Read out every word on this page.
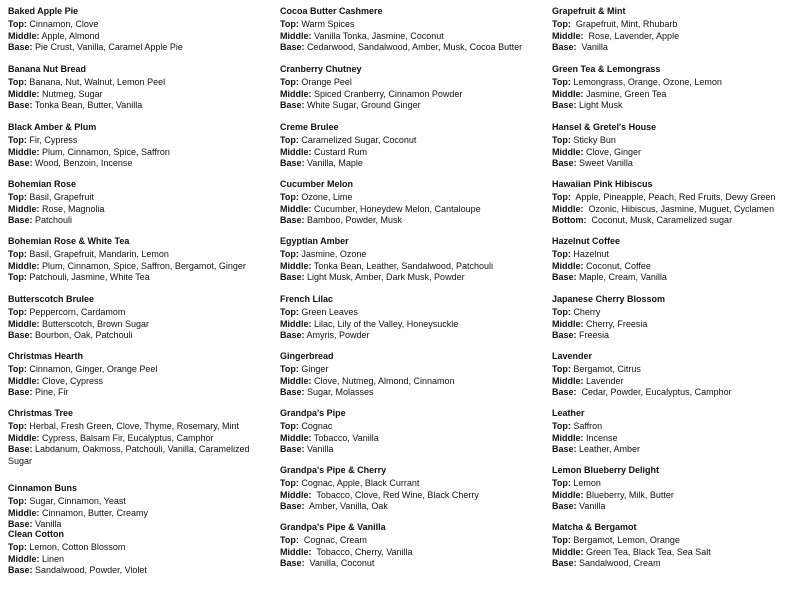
Baked Apple Pie
Top: Cinnamon, Clove
Middle: Apple, Almond
Base: Pie Crust, Vanilla, Caramel Apple Pie
Banana Nut Bread
Top: Banana, Nut, Walnut, Lemon Peel
Middle: Nutmeg, Sugar
Base: Tonka Bean, Butter, Vanilla
Black Amber & Plum
Top: Fir, Cypress
Middle: Plum, Cinnamon, Spice, Saffron
Base: Wood, Benzoin, Incense
Bohemian Rose
Top: Basil, Grapefruit
Middle: Rose, Magnolia
Base: Patchouli
Bohemian Rose & White Tea
Top: Basil, Grapefruit, Mandarin, Lemon
Middle: Plum, Cinnamon, Spice, Saffron, Bergamot, Ginger
Top: Patchouli, Jasmine, White Tea
Butterscotch Brulee
Top: Peppercorn, Cardamom
Middle: Butterscotch, Brown Sugar
Base: Bourbon, Oak, Patchouli
Christmas Hearth
Top: Cinnamon, Ginger, Orange Peel
Middle: Clove, Cypress
Base: Pine, Fir
Christmas Tree
Top: Herbal, Fresh Green, Clove, Thyme, Rosemary, Mint
Middle: Cypress, Balsam Fir, Eucalyptus, Camphor
Base: Labdanum, Oakmoss, Patchouli, Vanilla, Caramelized Sugar
Cinnamon Buns
Top: Sugar, Cinnamon, Yeast
Middle: Cinnamon, Butter, Creamy
Base: Vanilla
Clean Cotton
Top: Lemon, Cotton Blossom
Middle: Linen
Base: Sandalwood, Powder, Violet
Cocoa Butter Cashmere
Top: Warm Spices
Middle: Vanilla Tonka, Jasmine, Coconut
Base: Cedarwood, Sandalwood, Amber, Musk, Cocoa Butter
Cranberry Chutney
Top: Orange Peel
Middle: Spiced Cranberry, Cinnamon Powder
Base: White Sugar, Ground Ginger
Creme Brulee
Top: Caramelized Sugar, Coconut
Middle: Custard Rum
Base: Vanilla, Maple
Cucumber Melon
Top: Ozone, Lime
Middle: Cucumber, Honeydew Melon, Cantaloupe
Base: Bamboo, Powder, Musk
Egyptian Amber
Top: Jasmine, Ozone
Middle: Tonka Bean, Leather, Sandalwood, Patchouli
Base: Light Musk, Amber, Dark Musk, Powder
French Lilac
Top: Green Leaves
Middle: Lilac, Lily of the Valley, Honeysuckle
Base: Amyris, Powder
Gingerbread
Top: Ginger
Middle: Clove, Nutmeg, Almond, Cinnamon
Base: Sugar, Molasses
Grandpa's Pipe
Top: Cognac
Middle: Tobacco, Vanilla
Base: Vanilla
Grandpa's Pipe & Cherry
Top: Cognac, Apple, Black Currant
Middle:  Tobacco, Clove, Red Wine, Black Cherry
Base:  Amber, Vanilla, Oak
Grandpa's Pipe & Vanilla
Top:  Cognac, Cream
Middle:  Tobacco, Cherry, Vanilla
Base:  Vanilla, Coconut
Grapefruit & Mint
Top:  Grapefruit, Mint, Rhubarb
Middle:  Rose, Lavender, Apple
Base:  Vanilla
Green Tea & Lemongrass
Top: Lemongrass, Orange, Ozone, Lemon
Middle: Jasmine, Green Tea
Base: Light Musk
Hansel & Gretel's House
Top: Sticky Bun
Middle: Clove, Ginger
Base: Sweet Vanilla
Hawaiian Pink Hibiscus
Top:  Apple, Pineapple, Peach, Red Fruits, Dewy Green
Middle:  Ozonic, Hibiscus, Jasmine, Muguet, Cyclamen
Bottom:  Coconut, Musk, Caramelized sugar
Hazelnut Coffee
Top: Hazelnut
Middle: Coconut, Coffee
Base: Maple, Cream, Vanilla
Japanese Cherry Blossom
Top: Cherry
Middle: Cherry, Freesia
Base: Freesia
Lavender
Top: Bergamot, Citrus
Middle: Lavender
Base:  Cedar, Powder, Eucalyptus, Camphor
Leather
Top: Saffron
Middle: Incense
Base: Leather, Amber
Lemon Blueberry Delight
Top: Lemon
Middle: Blueberry, Milk, Butter
Base: Vanilla
Matcha & Bergamot
Top: Bergamot, Lemon, Orange
Middle: Green Tea, Black Tea, Sea Salt
Base: Sandalwood, Cream
